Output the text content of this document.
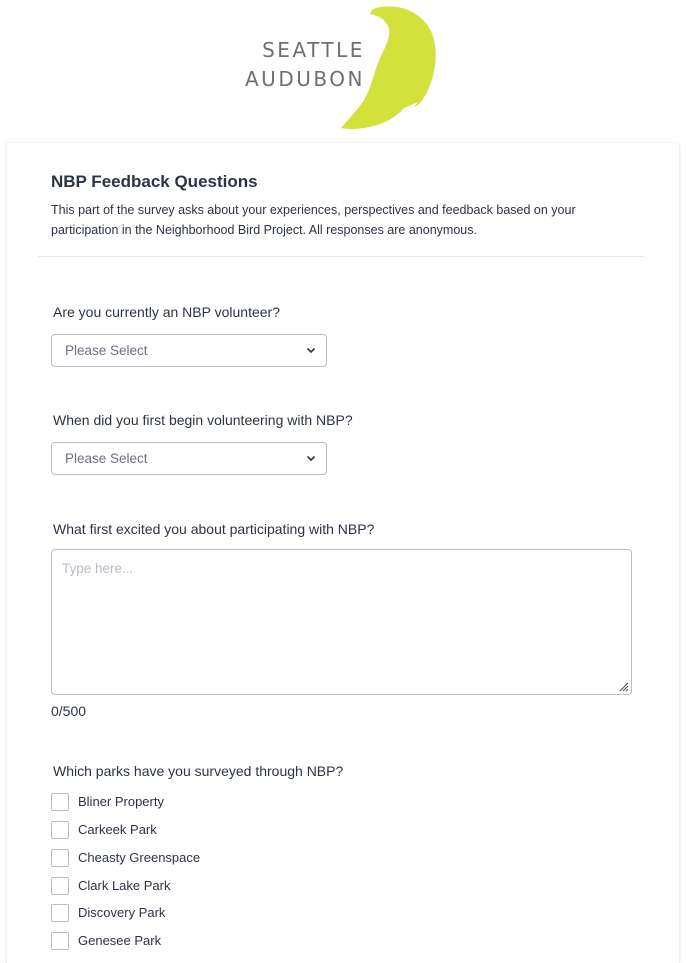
SEATTLE
AUDUBON
NBP Feedback Questions
This part of the survey asks about your experiences, perspectives and feedback based on your participation in the Neighborhood Bird Project. All responses are anonymous.
Are you currently an NBP volunteer?
Please Select
When did you first begin volunteering with NBP?
Please Select
What first excited you about participating with NBP?
Type here...
0/500
Which parks have you surveyed through NBP?
Bliner Property
Carkeek Park
Cheasty Greenspace
Clark Lake Park
Discovery Park
Genesee Park
